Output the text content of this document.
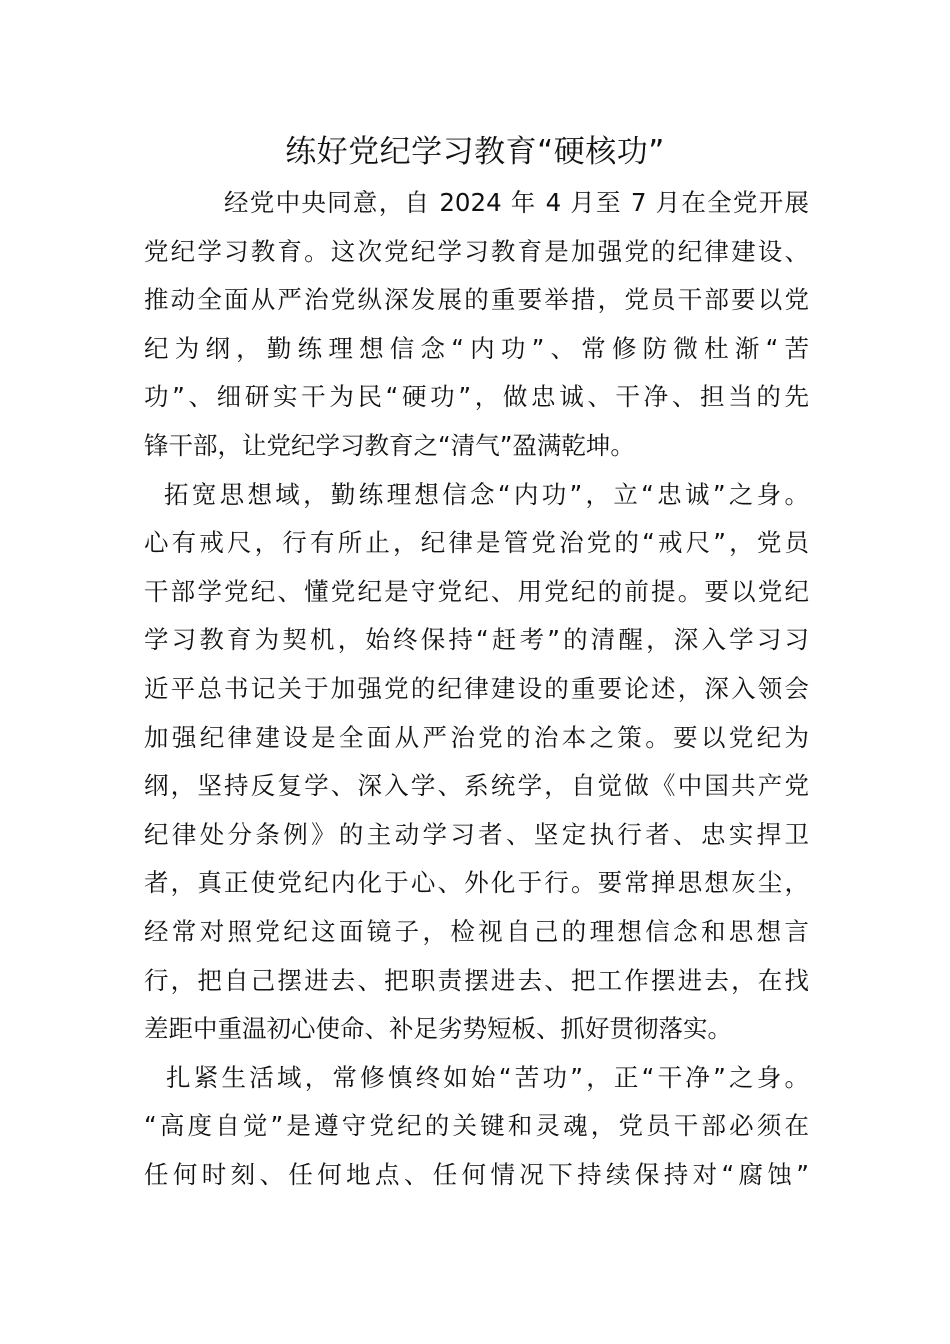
练好党纪学习教育“硬核功”
经党中央同意，自 2024 年 4 月至 7 月在全党开展
党纪学习教育。这次党纪学习教育是加强党的纪律建设、
推动全面从严治党纵深发展的重要举措，党员干部要以党
纪为纲，勤练理想信念“内功”、常修防微杜渐“苦
功”、细研实干为民“硬功”，做忠诚、干净、担当的先
锋干部，让党纪学习教育之“清气”盈满乾坤。
拓宽思想域，勤练理想信念“内功”，立“忠诚”之身。
心有戒尺，行有所止，纪律是管党治党的“戒尺”，党员
干部学党纪、懂党纪是守党纪、用党纪的前提。要以党纪
学习教育为契机，始终保持“赶考”的清醒，深入学习习
近平总书记关于加强党的纪律建设的重要论述，深入领会
加强纪律建设是全面从严治党的治本之策。要以党纪为
纲，坚持反复学、深入学、系统学，自觉做《中国共产党
纪律处分条例》的主动学习者、坚定执行者、忠实捍卫
者，真正使党纪内化于心、外化于行。要常掸思想灰尘，
经常对照党纪这面镜子，检视自己的理想信念和思想言
行，把自己摆进去、把职责摆进去、把工作摆进去，在找
差距中重温初心使命、补足劣势短板、抓好贯彻落实。
扎紧生活域，常修慎终如始“苦功”，正“干净”之身。
“高度自觉”是遵守党纪的关键和灵魂，党员干部必须在
任何时刻、任何地点、任何情况下持续保持对“腐蚀”
